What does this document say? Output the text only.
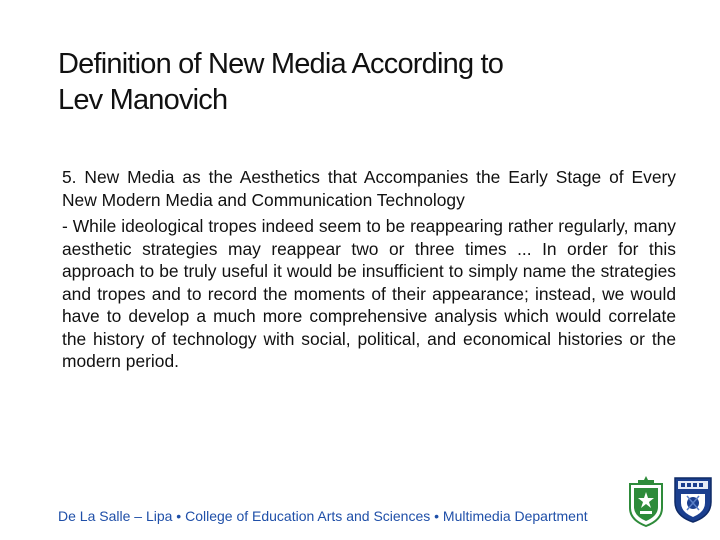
Definition of New Media According to
Lev Manovich

5. New Media as the Aesthetics that Accompanies the Early Stage of Every New Modern Media and Communication Technology

- While ideological tropes indeed seem to be reappearing rather regularly, many aesthetic strategies may reappear two or three times ... In order for this approach to be truly useful it would be insufficient to simply name the strategies and tropes and to record the moments of their appearance; instead, we would have to develop a much more comprehensive analysis which would correlate the history of technology with social, political, and economical histories or the modern period.

De La Salle – Lipa • College of Education Arts and Sciences • Multimedia Department
